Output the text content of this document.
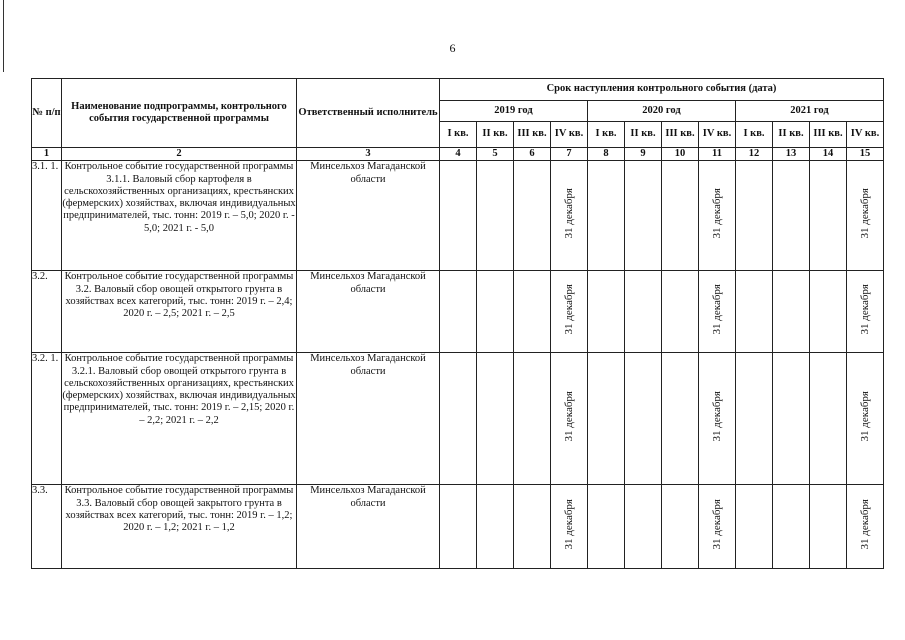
6
№ п/п	Наименование подпрограммы, контрольного события государственной программы	Ответственный исполнитель	Срок наступления контрольного события (дата)											
			2019 год				2020 год				2021 год			
			I кв.	II кв.	III кв.	IV кв.	I кв.	II кв.	III кв.	IV кв.	I кв.	II кв.	III кв.	IV кв.
1	2	3	4	5	6	7	8	9	10	11	12	13	14	15
3.1. 1.	Контрольное событие государственной программы 3.1.1. Валовый сбор картофеля в сельскохозяйственных организациях, крестьянских (фермерских) хозяйствах, включая индивидуальных предпринимателей, тыс. тонн: 2019 г. – 5,0; 2020 г. - 5,0; 2021 г. - 5,0	Минсельхоз Магаданской области				31 декабря				31 декабря				31 декабря
3.2.	Контрольное событие государственной программы 3.2. Валовый сбор овощей открытого грунта в хозяйствах всех категорий, тыс. тонн: 2019 г. – 2,4; 2020 г. – 2,5; 2021 г. – 2,5	Минсельхоз Магаданской области				31 декабря				31 декабря				31 декабря
3.2. 1.	Контрольное событие государственной программы 3.2.1. Валовый сбор овощей открытого грунта в сельскохозяйственных организациях, крестьянских (фермерских) хозяйствах, включая индивидуальных предпринимателей, тыс. тонн: 2019 г. – 2,15; 2020 г. – 2,2; 2021 г. – 2,2	Минсельхоз Магаданской области				31 декабря				31 декабря				31 декабря
3.3.	Контрольное событие государственной программы 3.3. Валовый сбор овощей закрытого грунта в хозяйствах всех категорий, тыс. тонн: 2019 г. – 1,2; 2020 г. – 1,2; 2021 г. – 1,2	Минсельхоз Магаданской области				31 декабря				31 декабря				31 декабря
